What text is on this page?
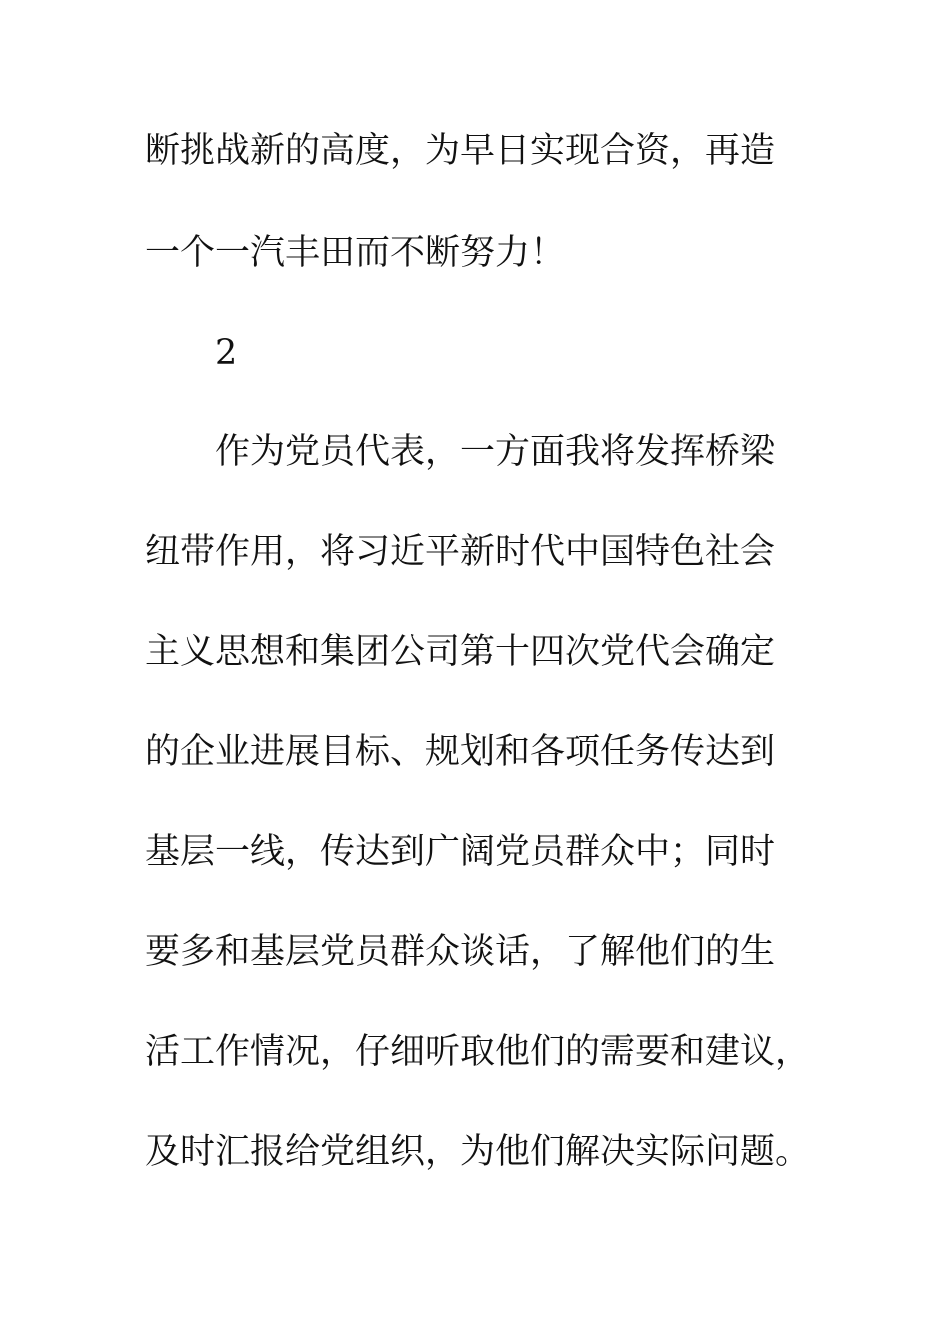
断挑战新的高度，为早日实现合资，再造
一个一汽丰田而不断努力！
2
作为党员代表，一方面我将发挥桥梁
纽带作用，将习近平新时代中国特色社会
主义思想和集团公司第十四次党代会确定
的企业进展目标、规划和各项任务传达到
基层一线，传达到广阔党员群众中；同时
要多和基层党员群众谈话，了解他们的生
活工作情况，仔细听取他们的需要和建议，
及时汇报给党组织，为他们解决实际问题。
